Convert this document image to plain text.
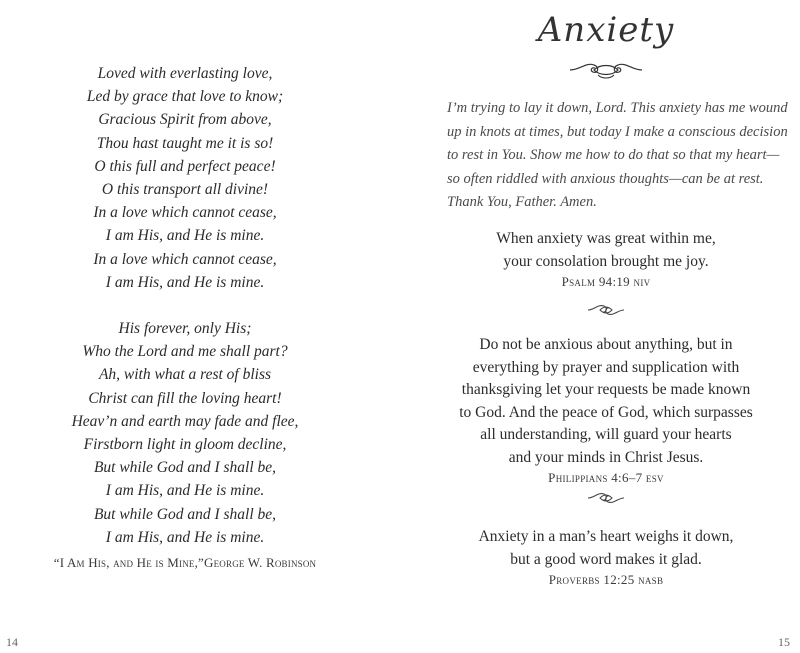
Loved with everlasting love,
Led by grace that love to know;
Gracious Spirit from above,
Thou hast taught me it is so!
O this full and perfect peace!
O this transport all divine!
In a love which cannot cease,
I am His, and He is mine.
In a love which cannot cease,
I am His, and He is mine.
His forever, only His;
Who the Lord and me shall part?
Ah, with what a rest of bliss
Christ can fill the loving heart!
Heav’n and earth may fade and flee,
Firstborn light in gloom decline,
But while God and I shall be,
I am His, and He is mine.
But while God and I shall be,
I am His, and He is mine.
“I Am His, and He is Mine,”George W. Robinson
14
Anxiety
I’m trying to lay it down, Lord. This anxiety has me wound
up in knots at times, but today I make a conscious decision
to rest in You. Show me how to do that so that my heart—
so often riddled with anxious thoughts—can be at rest.
Thank You, Father. Amen.
When anxiety was great within me,
your consolation brought me joy.
Psalm 94:19 niv
Do not be anxious about anything, but in
everything by prayer and supplication with
thanksgiving let your requests be made known
to God. And the peace of God, which surpasses
all understanding, will guard your hearts
and your minds in Christ Jesus.
Philippians 4:6–7 esv
Anxiety in a man’s heart weighs it down,
but a good word makes it glad.
Proverbs 12:25 nasb
15
